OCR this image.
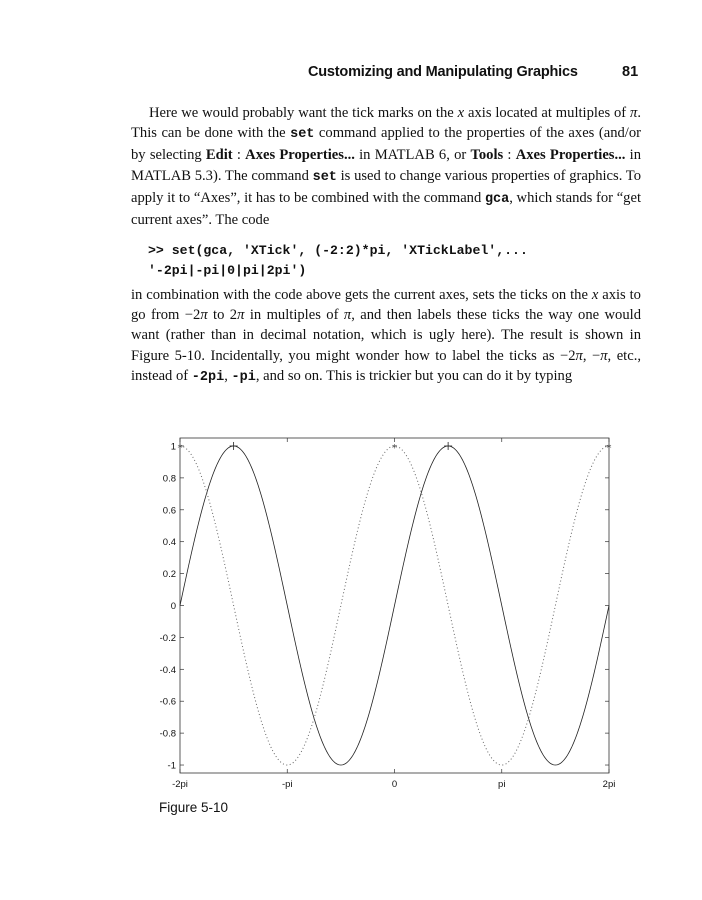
Customizing and Manipulating Graphics	81

Here we would probably want the tick marks on the x axis located at multiples of π. This can be done with the set command applied to the properties of the axes (and/or by selecting Edit : Axes Properties... in MATLAB 6, or Tools : Axes Properties... in MATLAB 5.3). The command set is used to change various properties of graphics. To apply it to “Axes”, it has to be combined with the command gca, which stands for “get current axes”. The code

>> set(gca, 'XTick', (-2:2)*pi, 'XTickLabel',...
'-2pi|-pi|0|pi|2pi')

in combination with the code above gets the current axes, sets the ticks on the x axis to go from −2π to 2π in multiples of π, and then labels these ticks the way one would want (rather than in decimal notation, which is ugly here). The result is shown in Figure 5-10. Incidentally, you might wonder how to label the ticks as −2π, −π, etc., instead of -2pi, -pi, and so on. This is trickier but you can do it by typing

1
0.8
0.6
0.4
0.2
0
-0.2
-0.4
-0.6
-0.8
-1
-2pi	-pi	0	pi	2pi
*	*	*
Figure 5-10
